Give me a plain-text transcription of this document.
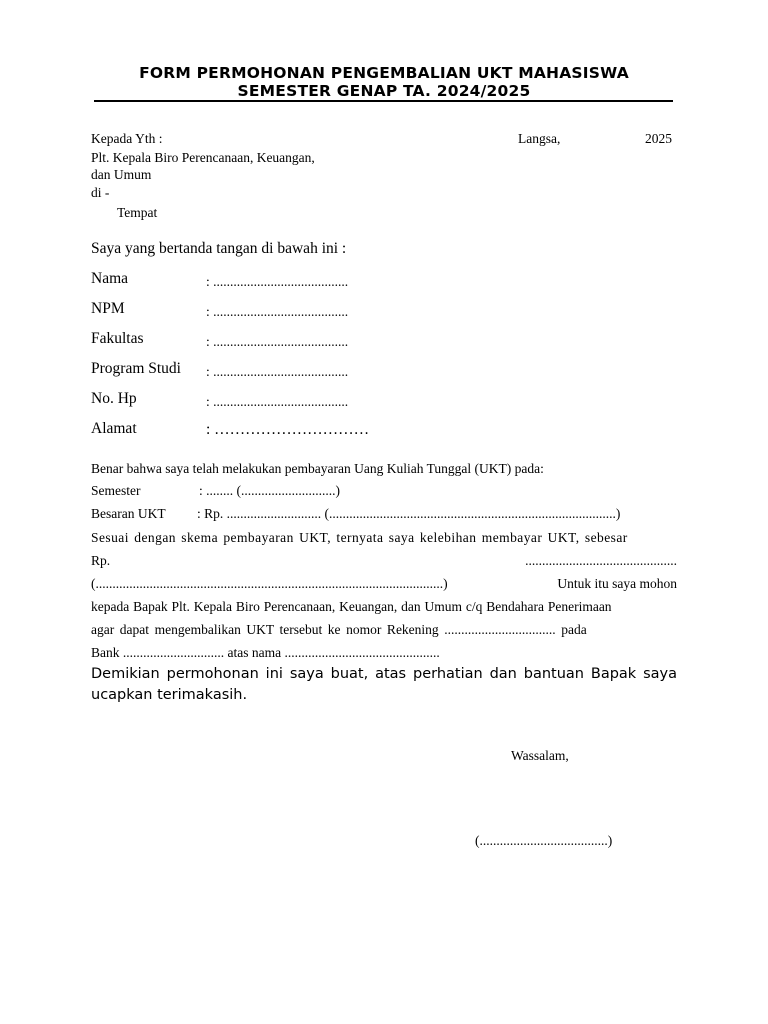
FORM PERMOHONAN PENGEMBALIAN UKT MAHASISWA
SEMESTER GENAP TA. 2024/2025
Kepada Yth :
Plt. Kepala Biro Perencanaan, Keuangan,
dan Umum
di -
Tempat
Langsa,	2025
Saya yang bertanda tangan di bawah ini :
Nama	: ........................................
NPM	: ........................................
Fakultas	: ........................................
Program Studi : ........................................
No. Hp	: ........................................
Alamat	: …………………………
Benar bahwa saya telah melakukan pembayaran Uang Kuliah Tunggal (UKT) pada:
Semester	: ........ (............................)
Besaran UKT : Rp. ............................ (.....................................................................................)
Sesuai dengan skema pembayaran UKT, ternyata saya kelebihan membayar UKT, sebesar
Rp.	.............................................
(.......................................................................................................)	Untuk itu saya mohon
kepada Bapak Plt. Kepala Biro Perencanaan, Keuangan, dan Umum c/q Bendahara Penerimaan
agar dapat mengembalikan UKT tersebut ke nomor Rekening ................................. pada
Bank .............................. atas nama ..............................................
Demikian permohonan ini saya buat, atas perhatian dan bantuan Bapak saya ucapkan terimakasih.
Wassalam,
(......................................)
